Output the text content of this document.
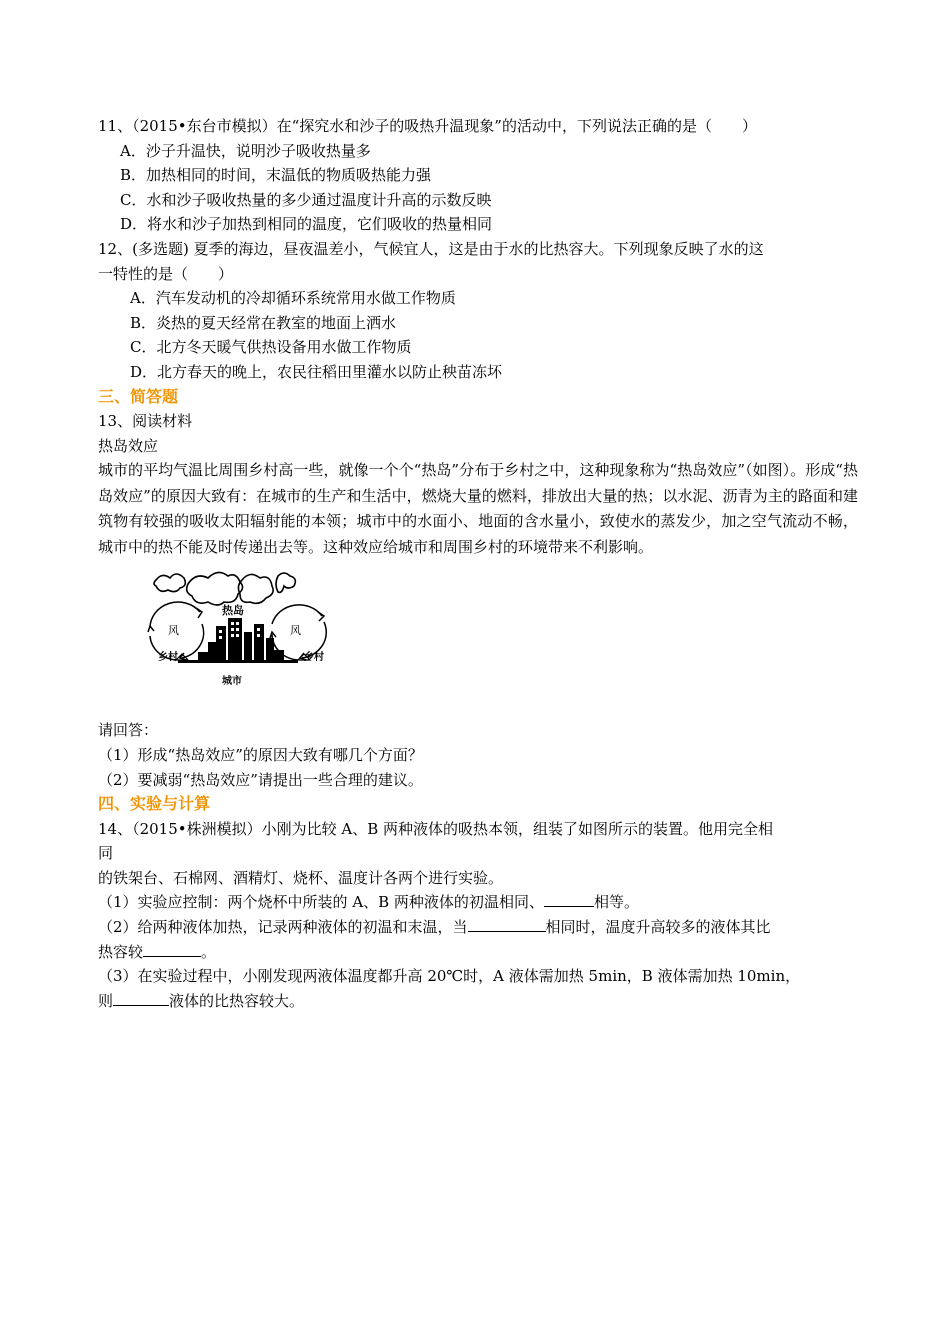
11、（2015•东台市模拟）在“探究水和沙子的吸热升温现象”的活动中，下列说法正确的是（　　）
A．沙子升温快，说明沙子吸收热量多
B．加热相同的时间，末温低的物质吸热能力强
C．水和沙子吸收热量的多少通过温度计升高的示数反映
D．将水和沙子加热到相同的温度，它们吸收的热量相同
12、(多选题) 夏季的海边，昼夜温差小，气候宜人，这是由于水的比热容大。下列现象反映了水的这
一特性的是（　　）
A．汽车发动机的冷却循环系统常用水做工作物质
B．炎热的夏天经常在教室的地面上洒水
C．北方冬天暖气供热设备用水做工作物质
D．北方春天的晚上，农民往稻田里灌水以防止秧苗冻坏
三、简答题
13、阅读材料
热岛效应
城市的平均气温比周围乡村高一些，就像一个个“热岛”分布于乡村之中，这种现象称为“热岛效应”（如图）。形成“热岛效应”的原因大致有：在城市的生产和生活中，燃烧大量的燃料，排放出大量的热；以水泥、沥青为主的路面和建筑物有较强的吸收太阳辐射能的本领；城市中的水面小、地面的含水量小，致使水的蒸发少，加之空气流动不畅，城市中的热不能及时传递出去等。这种效应给城市和周围乡村的环境带来不利影响。
热岛
风	风
乡村	乡村
城市
请回答：
（1）形成“热岛效应”的原因大致有哪几个方面？
（2）要减弱“热岛效应”请提出一些合理的建议。
四、实验与计算
14、（2015•株洲模拟）小刚为比较 A、B 两种液体的吸热本领，组装了如图所示的装置。他用完全相
同
的铁架台、石棉网、酒精灯、烧杯、温度计各两个进行实验。
（1）实验应控制：两个烧杯中所装的 A、B 两种液体的初温相同、	相等。
（2）给两种液体加热，记录两种液体的初温和末温，当	相同时，温度升高较多的液体其比
热容较	。
（3）在实验过程中，小刚发现两液体温度都升高 20℃时，A 液体需加热 5min，B 液体需加热 10min，
则	液体的比热容较大。
